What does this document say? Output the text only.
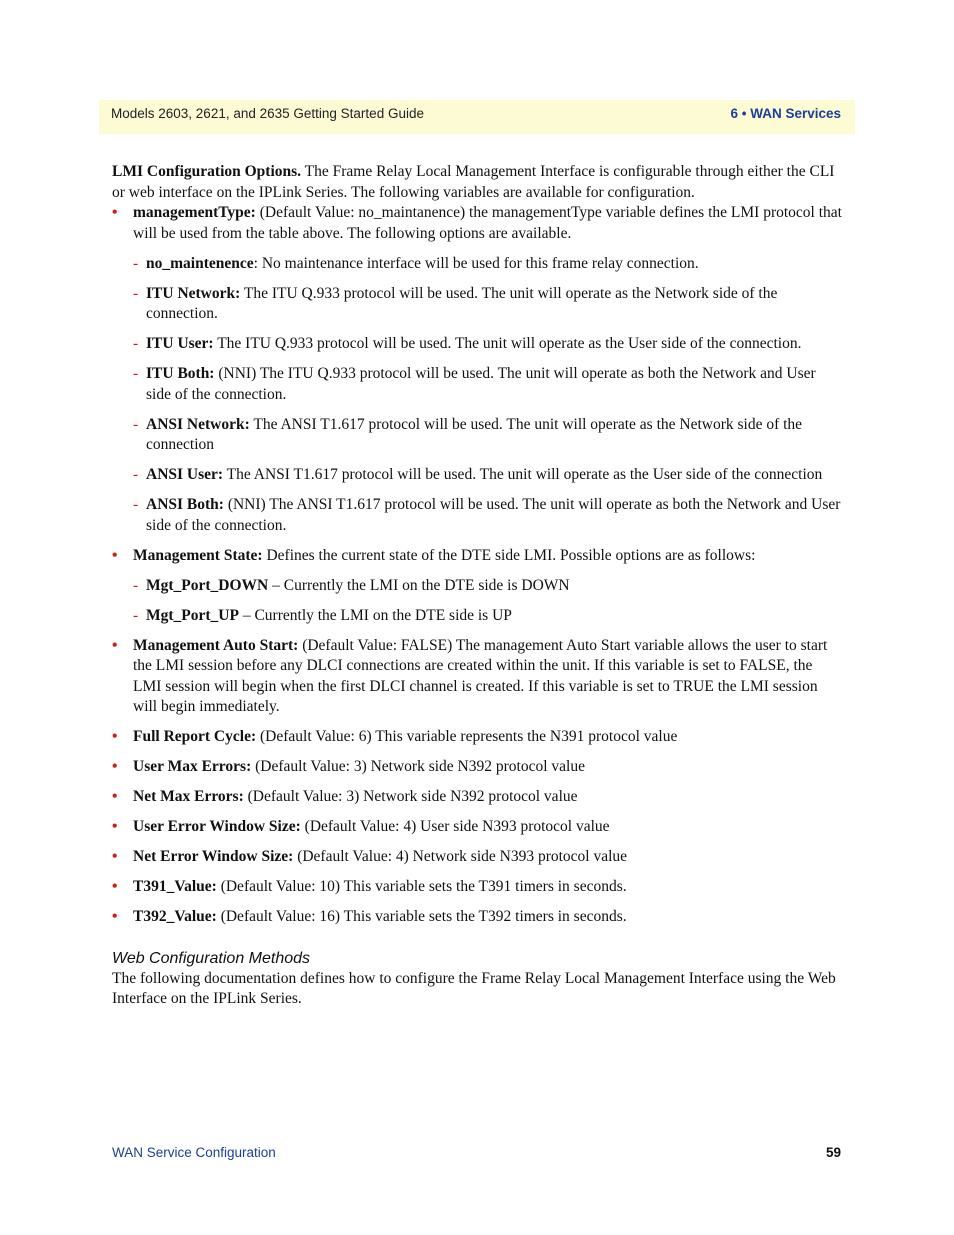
Models 2603, 2621, and 2635 Getting Started Guide	6 • WAN Services

LMI Configuration Options. The Frame Relay Local Management Interface is configurable through either the CLI or web interface on the IPLink Series. The following variables are available for configuration.

• managementType: (Default Value: no_maintanence) the managementType variable defines the LMI protocol that will be used from the table above. The following options are available.
- no_maintenence: No maintenance interface will be used for this frame relay connection.
- ITU Network: The ITU Q.933 protocol will be used. The unit will operate as the Network side of the connection.
- ITU User: The ITU Q.933 protocol will be used. The unit will operate as the User side of the connection.
- ITU Both: (NNI) The ITU Q.933 protocol will be used. The unit will operate as both the Network and User side of the connection.
- ANSI Network: The ANSI T1.617 protocol will be used. The unit will operate as the Network side of the connection
- ANSI User: The ANSI T1.617 protocol will be used. The unit will operate as the User side of the connection
- ANSI Both: (NNI) The ANSI T1.617 protocol will be used. The unit will operate as both the Network and User side of the connection.
• Management State: Defines the current state of the DTE side LMI. Possible options are as follows:
- Mgt_Port_DOWN – Currently the LMI on the DTE side is DOWN
- Mgt_Port_UP – Currently the LMI on the DTE side is UP
• Management Auto Start: (Default Value: FALSE) The management Auto Start variable allows the user to start the LMI session before any DLCI connections are created within the unit. If this variable is set to FALSE, the LMI session will begin when the first DLCI channel is created. If this variable is set to TRUE the LMI session will begin immediately.
• Full Report Cycle: (Default Value: 6) This variable represents the N391 protocol value
• User Max Errors: (Default Value: 3) Network side N392 protocol value
• Net Max Errors: (Default Value: 3) Network side N392 protocol value
• User Error Window Size: (Default Value: 4) User side N393 protocol value
• Net Error Window Size: (Default Value: 4) Network side N393 protocol value
• T391_Value: (Default Value: 10) This variable sets the T391 timers in seconds.
• T392_Value: (Default Value: 16) This variable sets the T392 timers in seconds.
Web Configuration Methods

The following documentation defines how to configure the Frame Relay Local Management Interface using the Web Interface on the IPLink Series.

WAN Service Configuration	59
